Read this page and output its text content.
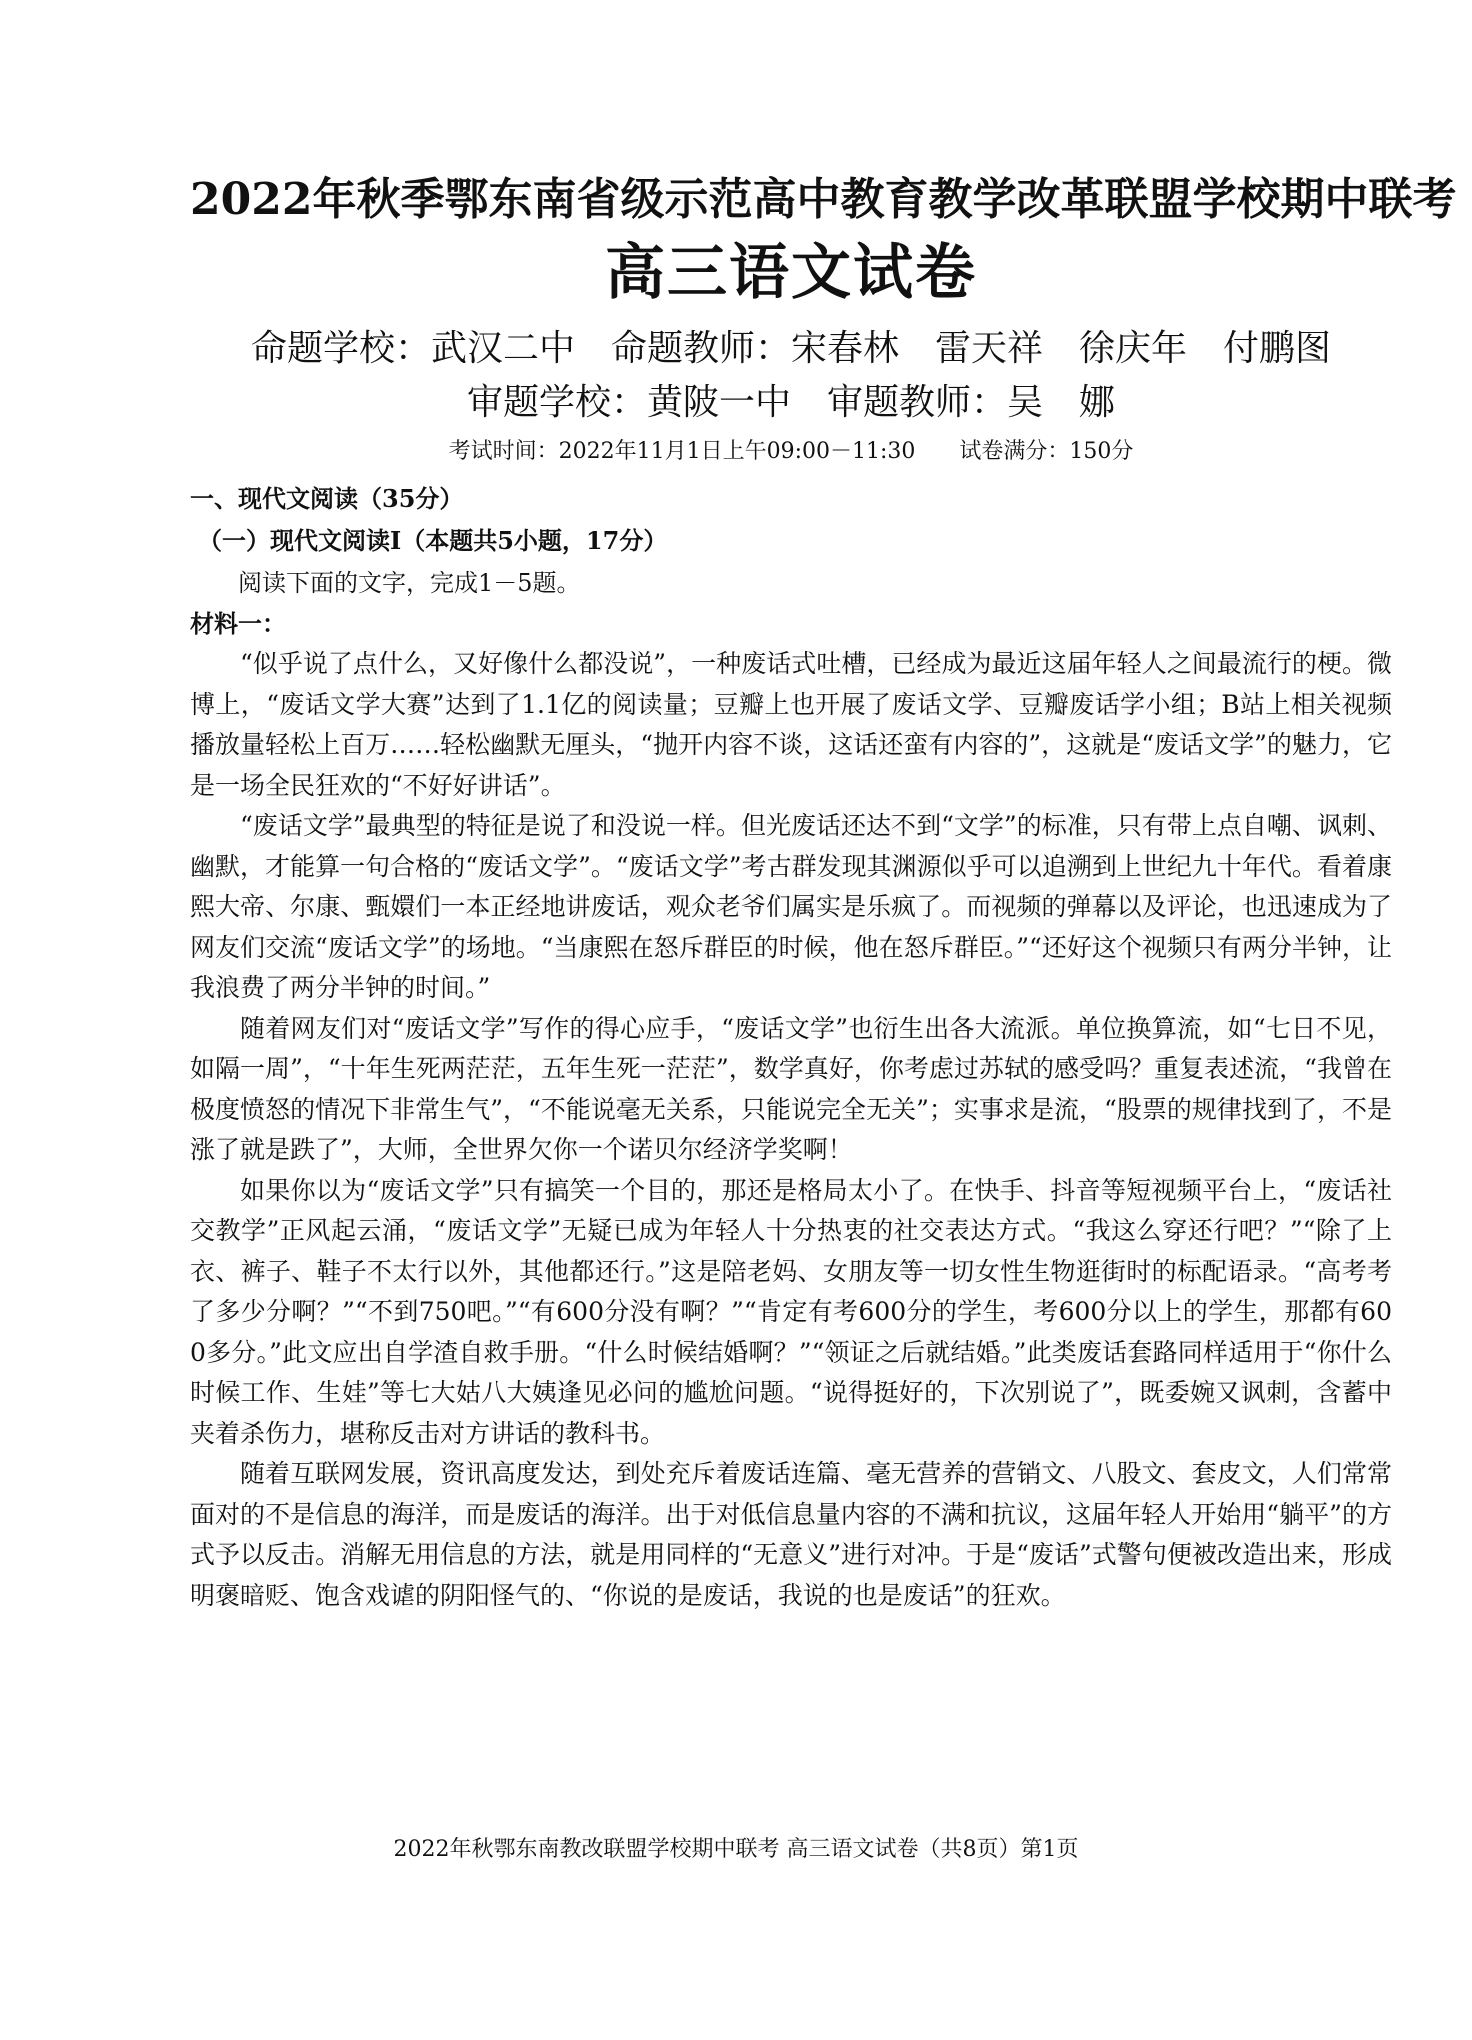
2022年秋季鄂东南省级示范高中教育教学改革联盟学校期中联考
高三语文试卷
命题学校：武汉二中　命题教师：宋春林　雷天祥　徐庆年　付鹏图
审题学校：黄陂一中　审题教师：吴　娜
考试时间：2022年11月1日上午09:00－11:30　　试卷满分：150分
一、现代文阅读（35分）
（一）现代文阅读Ⅰ（本题共5小题，17分）
阅读下面的文字，完成1－5题。
材料一：

“似乎说了点什么，又好像什么都没说”，一种废话式吐槽，已经成为最近这届年轻人之间最流行的梗。微博上，“废话文学大赛”达到了1.1亿的阅读量；豆瓣上也开展了废话文学、豆瓣废话学小组；B站上相关视频播放量轻松上百万……轻松幽默无厘头，“抛开内容不谈，这话还蛮有内容的”，这就是“废话文学”的魅力，它是一场全民狂欢的“不好好讲话”。

“废话文学”最典型的特征是说了和没说一样。但光废话还达不到“文学”的标准，只有带上点自嘲、讽刺、幽默，才能算一句合格的“废话文学”。“废话文学”考古群发现其渊源似乎可以追溯到上世纪九十年代。看着康熙大帝、尔康、甄嬛们一本正经地讲废话，观众老爷们属实是乐疯了。而视频的弹幕以及评论，也迅速成为了网友们交流“废话文学”的场地。“当康熙在怒斥群臣的时候，他在怒斥群臣。”“还好这个视频只有两分半钟，让我浪费了两分半钟的时间。”

随着网友们对“废话文学”写作的得心应手，“废话文学”也衍生出各大流派。单位换算流，如“七日不见，如隔一周”，“十年生死两茫茫，五年生死一茫茫”，数学真好，你考虑过苏轼的感受吗？重复表述流，“我曾在极度愤怒的情况下非常生气”，“不能说毫无关系，只能说完全无关”；实事求是流，“股票的规律找到了，不是涨了就是跌了”，大师，全世界欠你一个诺贝尔经济学奖啊！

如果你以为“废话文学”只有搞笑一个目的，那还是格局太小了。在快手、抖音等短视频平台上，“废话社交教学”正风起云涌，“废话文学”无疑已成为年轻人十分热衷的社交表达方式。“我这么穿还行吧？”“除了上衣、裤子、鞋子不太行以外，其他都还行。”这是陪老妈、女朋友等一切女性生物逛街时的标配语录。“高考考了多少分啊？”“不到750吧。”“有600分没有啊？”“肯定有考600分的学生，考600分以上的学生，那都有600多分。”此文应出自学渣自救手册。“什么时候结婚啊？”“领证之后就结婚。”此类废话套路同样适用于“你什么时候工作、生娃”等七大姑八大姨逢见必问的尴尬问题。“说得挺好的，下次别说了”，既委婉又讽刺，含蓄中夹着杀伤力，堪称反击对方讲话的教科书。

随着互联网发展，资讯高度发达，到处充斥着废话连篇、毫无营养的营销文、八股文、套皮文，人们常常面对的不是信息的海洋，而是废话的海洋。出于对低信息量内容的不满和抗议，这届年轻人开始用“躺平”的方式予以反击。消解无用信息的方法，就是用同样的“无意义”进行对冲。于是“废话”式警句便被改造出来，形成明褒暗贬、饱含戏谑的阴阳怪气的、“你说的是废话，我说的也是废话”的狂欢。

2022年秋鄂东南教改联盟学校期中联考 高三语文试卷（共8页）第1页
